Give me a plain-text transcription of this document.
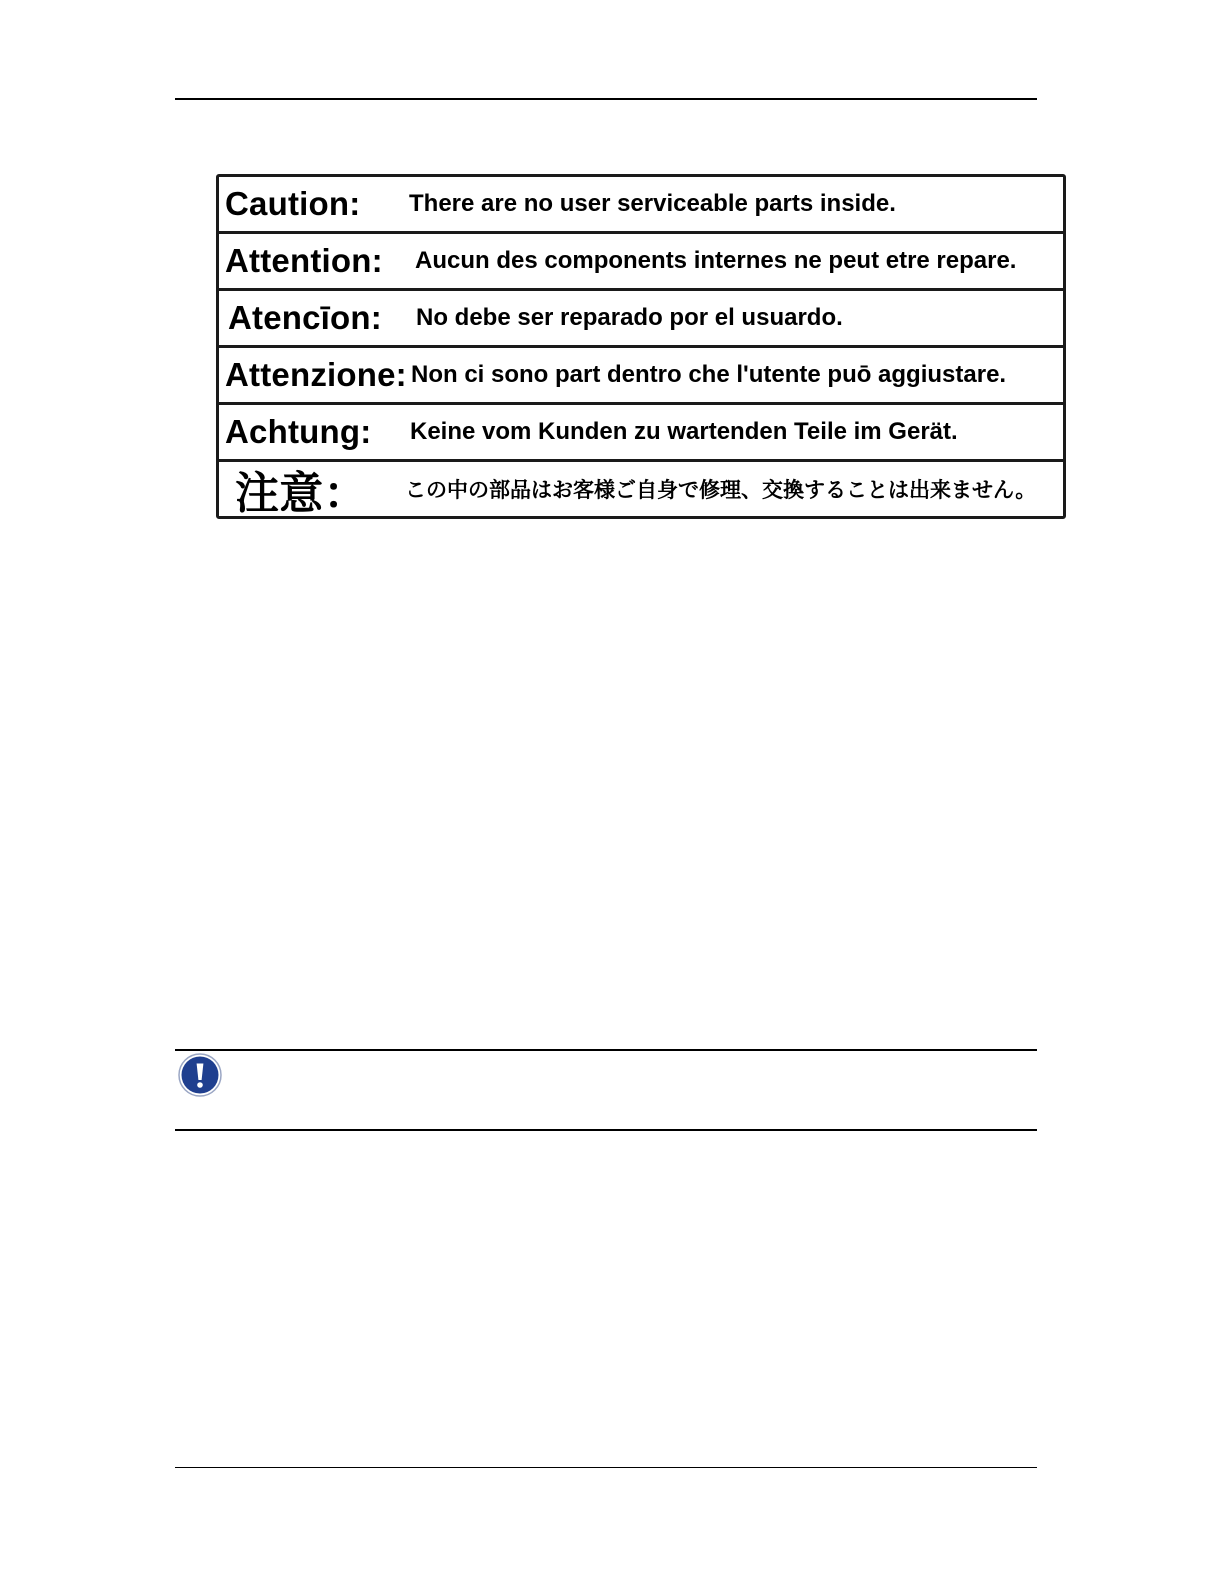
Caution:	There are no user serviceable parts inside.
Attention:	Aucun des components internes ne peut etre repare.
Atencīon:	No debe ser reparado por el usuardo.
Attenzione: Non ci sono part dentro che l'utente puō aggiustare.
Achtung:	Keine vom Kunden zu wartenden Teile im Gerät.
注意：	この中の部品はお客様ご自身で修理、交換することは出来ません。
